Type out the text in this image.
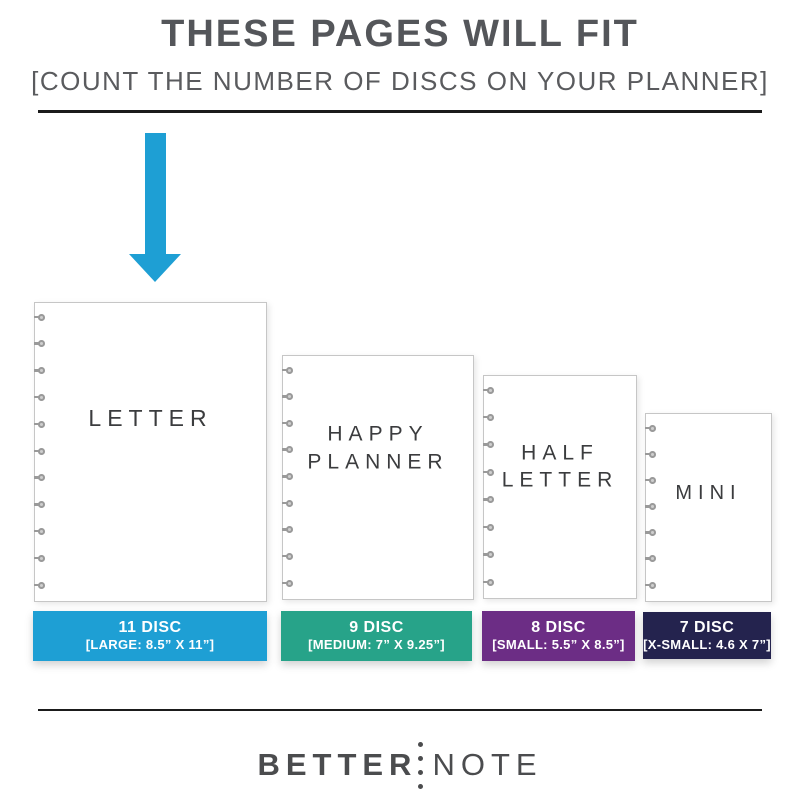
THESE PAGES WILL FIT
[COUNT THE NUMBER OF DISCS ON YOUR PLANNER]
LETTER
11 DISC
[LARGE: 8.5” X 11”]
HAPPY PLANNER
9 DISC
[MEDIUM: 7” X 9.25”]
HALF LETTER
8 DISC
[SMALL: 5.5” X 8.5”]
MINI
7 DISC
[X-SMALL: 4.6 X 7”]
BETTER NOTE
